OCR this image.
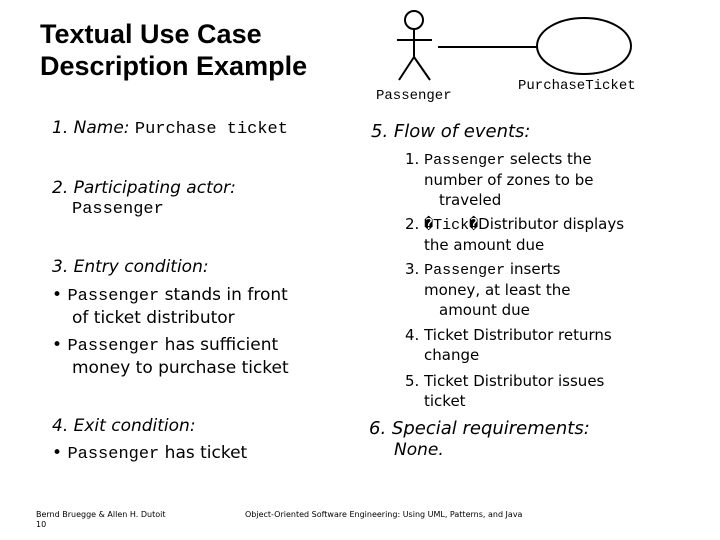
Textual Use Case Description Example
Passenger
PurchaseTicket
1. Name: Purchase ticket
2. Participating actor:
Passenger
3. Entry condition:
• Passenger stands in front
of ticket distributor
• Passenger has sufficient
money to purchase ticket
4. Exit condition:
• Passenger has ticket
5. Flow of events:
1. Passenger selects the
number of zones to be
traveled
2. �Tick�Distributor displays
the amount due
3. Passenger inserts
money, at least the
amount due
4. Ticket Distributor returns
change
5. Ticket Distributor issues
ticket
6. Special requirements:
None.
Bernd Bruegge & Allen H. Dutoit
10
Object-Oriented Software Engineering: Using UML, Patterns, and Java
